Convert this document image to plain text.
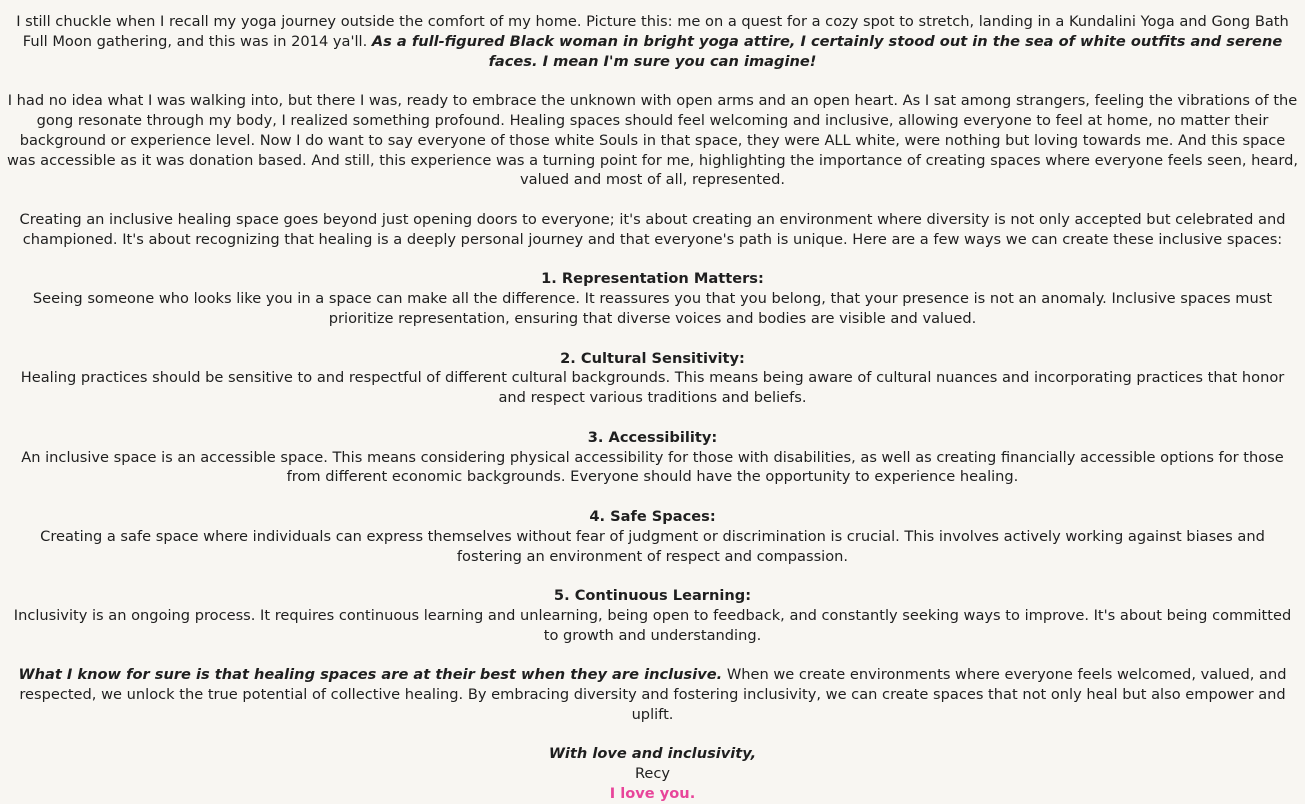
I still chuckle when I recall my yoga journey outside the comfort of my home. Picture this: me on a quest for a cozy spot to stretch, landing in a Kundalini Yoga and Gong Bath Full Moon gathering, and this was in 2014 ya'll. As a full-figured Black woman in bright yoga attire, I certainly stood out in the sea of white outfits and serene faces. I mean I'm sure you can imagine!

I had no idea what I was walking into, but there I was, ready to embrace the unknown with open arms and an open heart. As I sat among strangers, feeling the vibrations of the gong resonate through my body, I realized something profound. Healing spaces should feel welcoming and inclusive, allowing everyone to feel at home, no matter their background or experience level. Now I do want to say everyone of those white Souls in that space, they were ALL white, were nothing but loving towards me. And this space was accessible as it was donation based. And still, this experience was a turning point for me, highlighting the importance of creating spaces where everyone feels seen, heard, valued and most of all, represented.

Creating an inclusive healing space goes beyond just opening doors to everyone; it's about creating an environment where diversity is not only accepted but celebrated and championed. It's about recognizing that healing is a deeply personal journey and that everyone's path is unique. Here are a few ways we can create these inclusive spaces:

1. Representation Matters:
Seeing someone who looks like you in a space can make all the difference. It reassures you that you belong, that your presence is not an anomaly. Inclusive spaces must prioritize representation, ensuring that diverse voices and bodies are visible and valued.

2. Cultural Sensitivity:
Healing practices should be sensitive to and respectful of different cultural backgrounds. This means being aware of cultural nuances and incorporating practices that honor and respect various traditions and beliefs.

3. Accessibility:
An inclusive space is an accessible space. This means considering physical accessibility for those with disabilities, as well as creating financially accessible options for those from different economic backgrounds. Everyone should have the opportunity to experience healing.

4. Safe Spaces:
Creating a safe space where individuals can express themselves without fear of judgment or discrimination is crucial. This involves actively working against biases and fostering an environment of respect and compassion.

5. Continuous Learning:
Inclusivity is an ongoing process. It requires continuous learning and unlearning, being open to feedback, and constantly seeking ways to improve. It's about being committed to growth and understanding.

What I know for sure is that healing spaces are at their best when they are inclusive. When we create environments where everyone feels welcomed, valued, and respected, we unlock the true potential of collective healing. By embracing diversity and fostering inclusivity, we can create spaces that not only heal but also empower and uplift.

With love and inclusivity,
Recy
I love you.
